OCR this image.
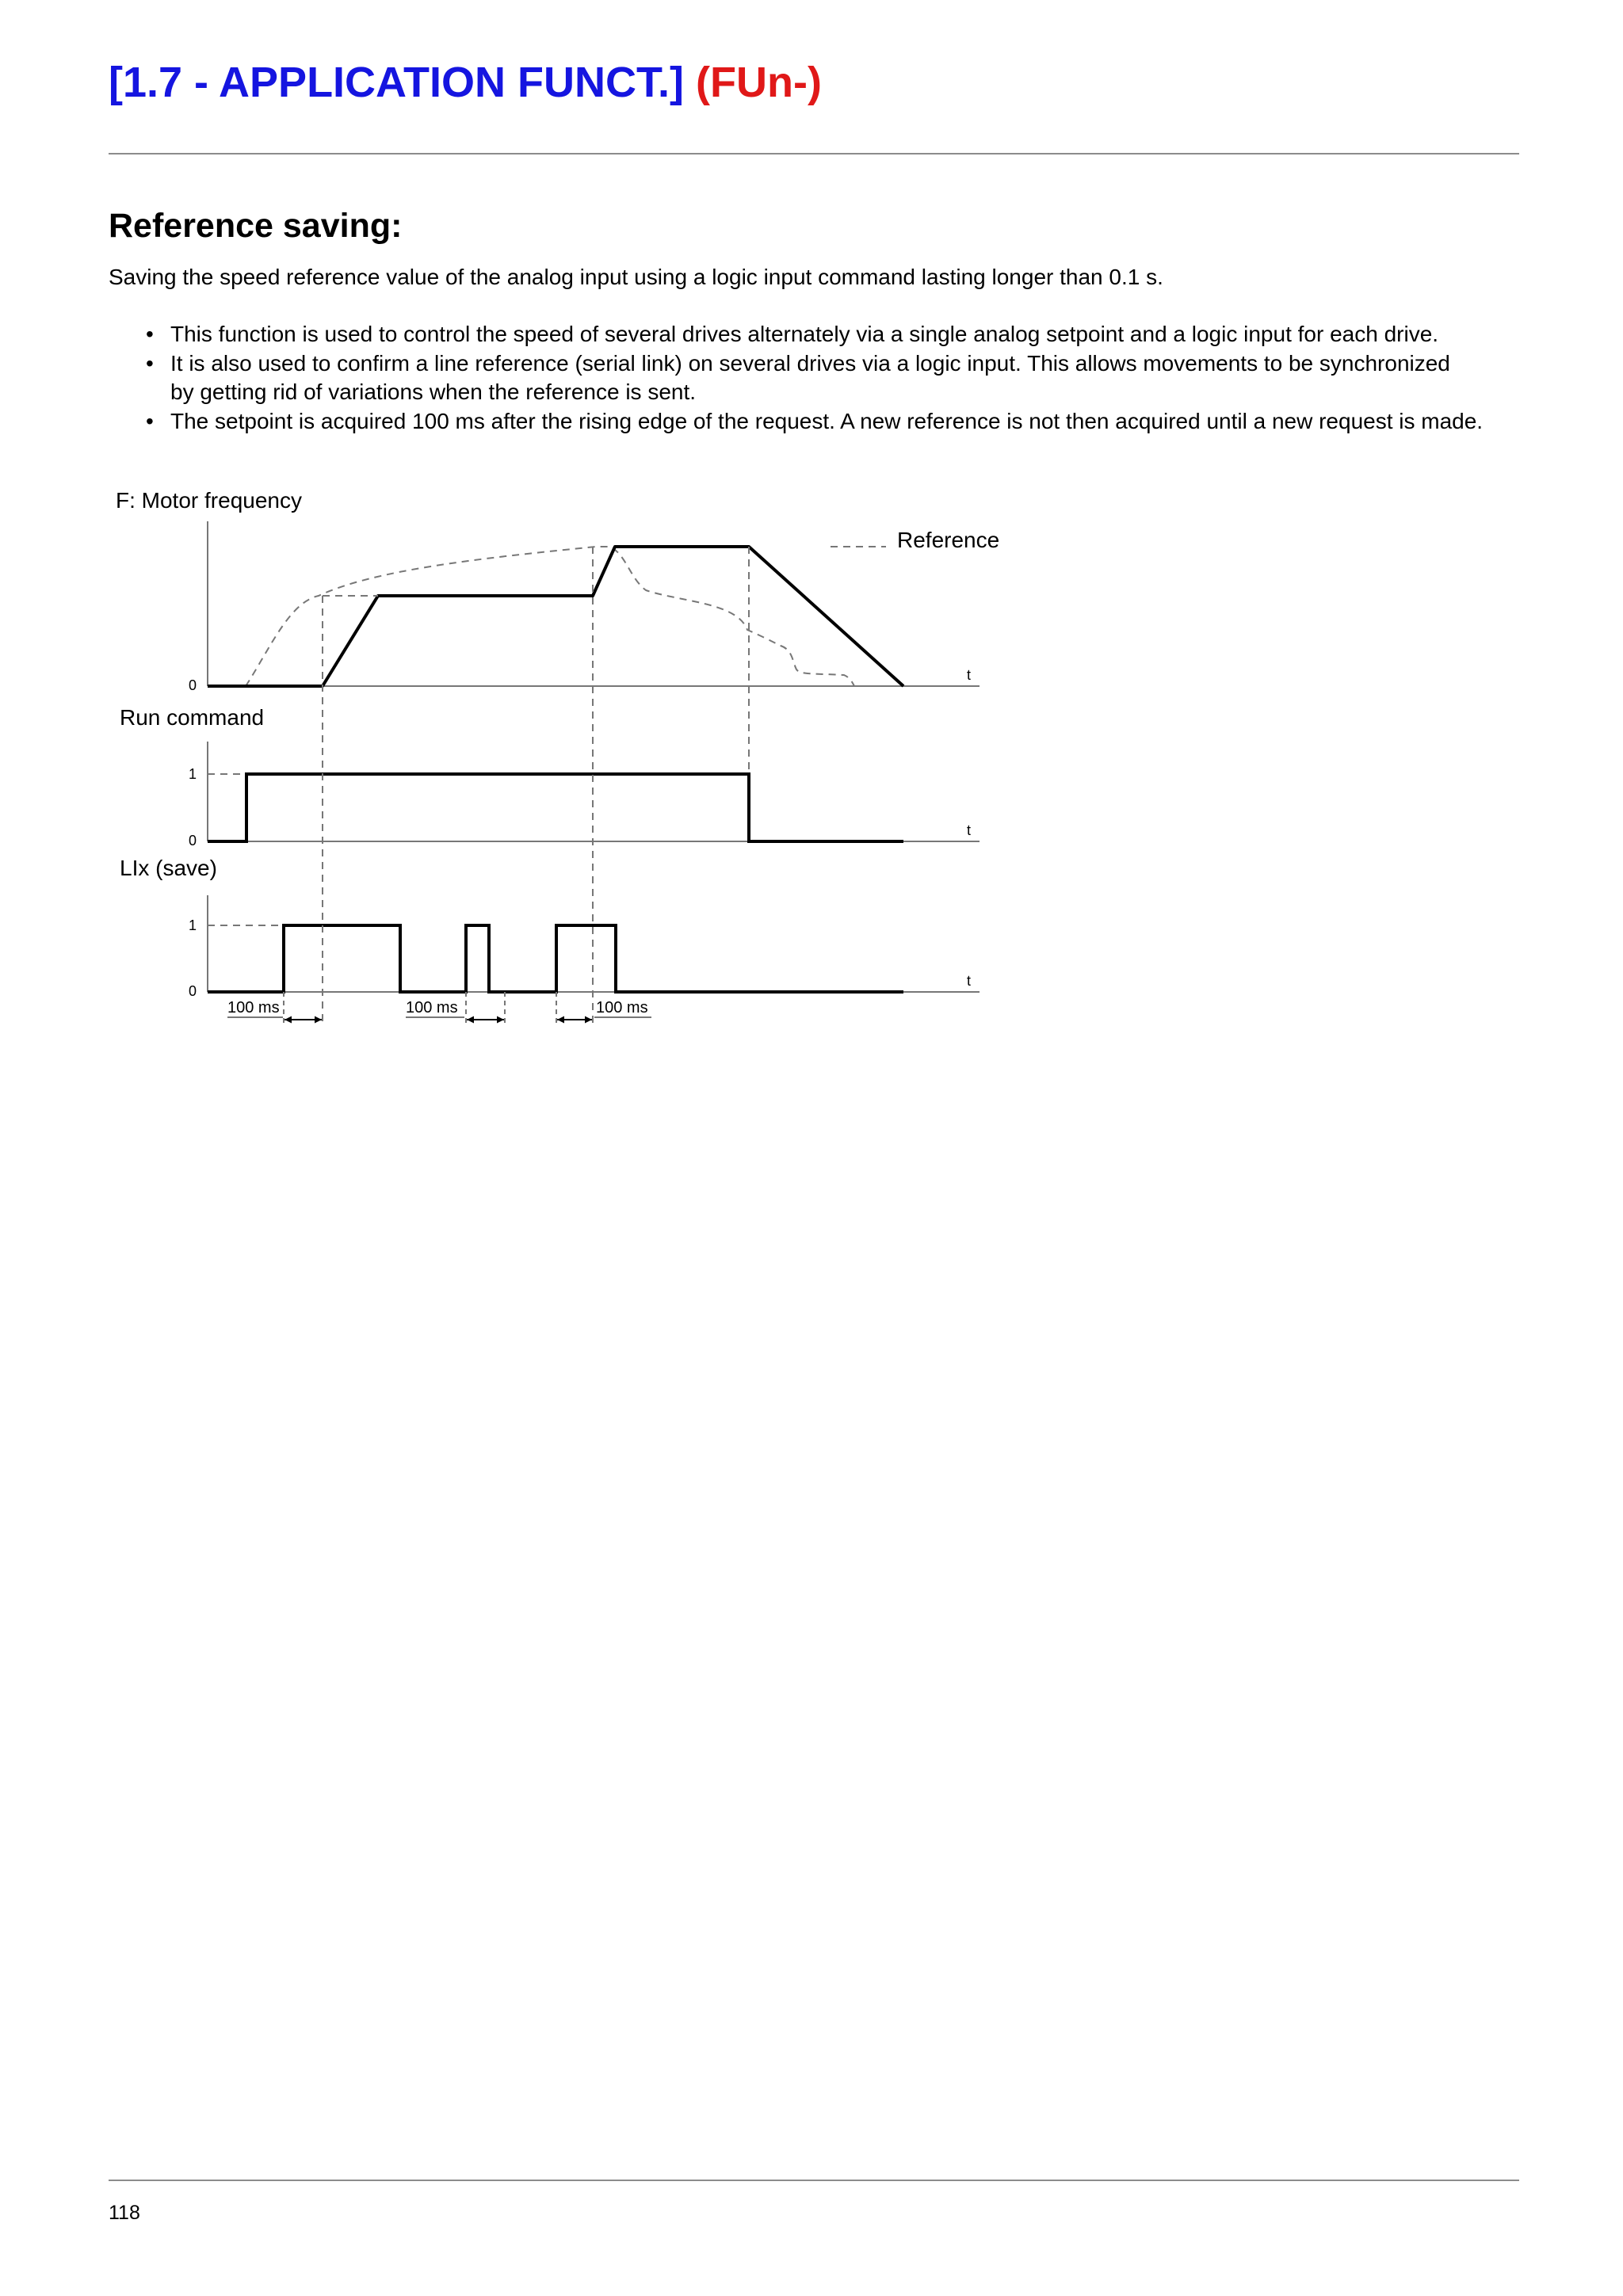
[1.7 - APPLICATION FUNCT.] (FUn-)
Reference saving:

Saving the speed reference value of the analog input using a logic input command lasting longer than 0.1 s.

• This function is used to control the speed of several drives alternately via a single analog setpoint and a logic input for each drive.
• It is also used to confirm a line reference (serial link) on several drives via a logic input. This allows movements to be synchronized
by getting rid of variations when the reference is sent.
• The setpoint is acquired 100 ms after the rising edge of the request. A new reference is not then acquired until a new request is made.
F: Motor frequency
0
t
Reference
Run command
1
0
t
LIx (save)
1
0
t
100 ms	100 ms	100 ms

118
